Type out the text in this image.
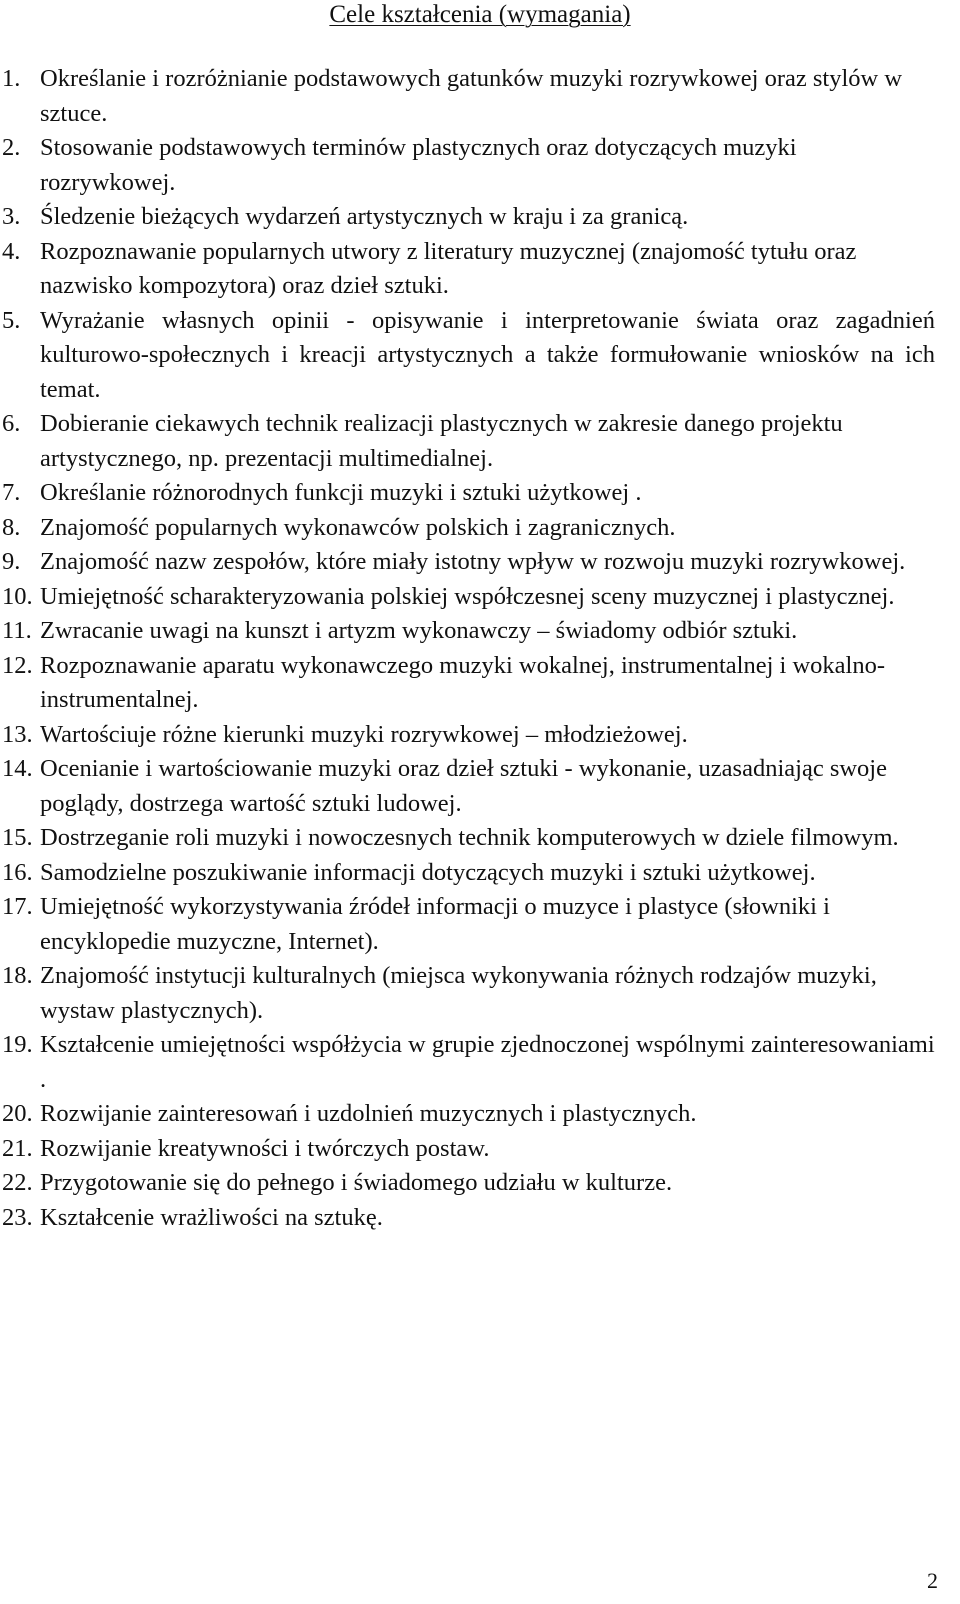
Cele kształcenia (wymagania)
1. Określanie i rozróżnianie podstawowych gatunków muzyki rozrywkowej oraz stylów w sztuce.
2. Stosowanie podstawowych terminów plastycznych oraz dotyczących muzyki rozrywkowej.
3. Śledzenie bieżących wydarzeń artystycznych w kraju i za granicą.
4. Rozpoznawanie popularnych utwory z literatury muzycznej (znajomość tytułu oraz nazwisko kompozytora) oraz dzieł sztuki.
5. Wyrażanie własnych opinii - opisywanie i interpretowanie świata oraz zagadnień kulturowo-społecznych i kreacji artystycznych a także formułowanie wniosków na ich temat.
6. Dobieranie ciekawych technik realizacji plastycznych w zakresie danego projektu artystycznego, np. prezentacji multimedialnej.
7. Określanie różnorodnych funkcji muzyki i sztuki użytkowej .
8. Znajomość popularnych wykonawców polskich i zagranicznych.
9. Znajomość nazw zespołów, które miały istotny wpływ w rozwoju muzyki rozrywkowej.
10. Umiejętność scharakteryzowania polskiej współczesnej sceny muzycznej i plastycznej.
11. Zwracanie uwagi na kunszt i artyzm wykonawczy – świadomy odbiór sztuki.
12. Rozpoznawanie aparatu wykonawczego muzyki wokalnej, instrumentalnej i wokalno-instrumentalnej.
13. Wartościuje różne kierunki muzyki rozrywkowej – młodzieżowej.
14. Ocenianie i wartościowanie muzyki oraz dzieł sztuki - wykonanie, uzasadniając swoje poglądy, dostrzega wartość sztuki ludowej.
15. Dostrzeganie roli muzyki i nowoczesnych technik komputerowych w dziele filmowym.
16. Samodzielne poszukiwanie informacji dotyczących muzyki i sztuki użytkowej.
17. Umiejętność wykorzystywania źródeł informacji o muzyce i plastyce (słowniki i encyklopedie muzyczne, Internet).
18. Znajomość instytucji kulturalnych (miejsca wykonywania różnych rodzajów muzyki, wystaw plastycznych).
19. Kształcenie umiejętności współżycia w grupie zjednoczonej wspólnymi zainteresowaniami .
20. Rozwijanie zainteresowań i uzdolnień muzycznych i plastycznych.
21. Rozwijanie kreatywności i twórczych postaw.
22. Przygotowanie się do pełnego i świadomego udziału w kulturze.
23. Kształcenie wrażliwości na sztukę.
2
